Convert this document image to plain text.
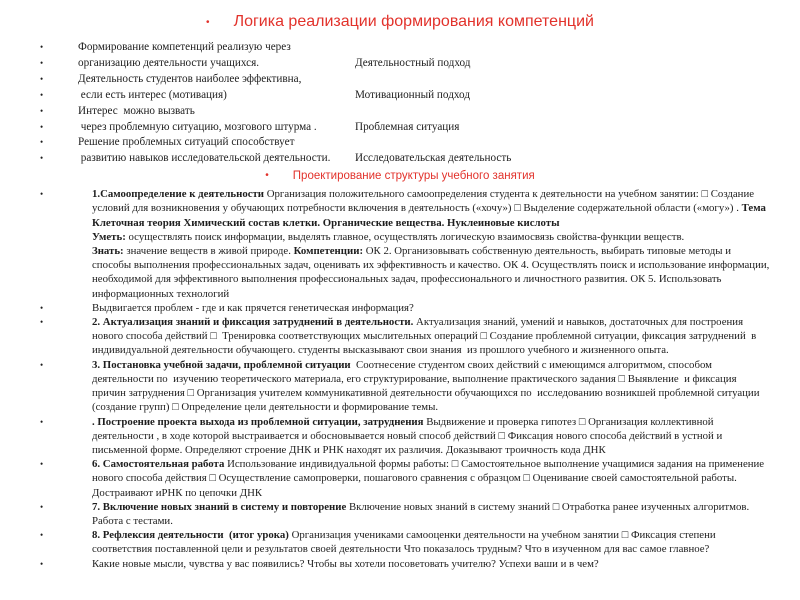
• Логика реализации формирования компетенций
•	Формирование компетенций реализую через
•	организацию деятельности учащихся.	Деятельностный подход
•	Деятельность студентов наиболее эффективна,
•	если есть интерес (мотивация)	Мотивационный подход
•	Интерес  можно вызвать
•	через проблемную ситуацию, мозгового штурма .	Проблемная ситуация
•	Решение проблемных ситуаций способствует
•	развитию навыков исследовательской деятельности.	Исследовательская деятельность
• Проектирование структуры учебного занятия
•	1.Самоопределение к деятельности Организация положительного самоопределения студента к деятельности на учебном занятии: □ Создание условий для возникновения у обучающих потребности включения в деятельность («хочу») □ Выделение содержательной области («могу») . Тема  Клеточная теория Химический состав клетки. Органические вещества. Нуклеиновые кислоты
Уметь: осуществлять поиск информации, выделять главное, осуществлять логическую взаимосвязь свойства-функции веществ.
Знать: значение веществ в живой природе. Компетенции: ОК 2. Организовывать собственную деятельность, выбирать типовые методы и способы выполнения профессиональных задач, оценивать их эффективность и качество. ОК 4. Осуществлять поиск и использование информации, необходимой для эффективного выполнения профессиональных задач, профессионального и личностного развития. ОК 5. Использовать информационных технологий
•	Выдвигается проблем - где и как прячется генетическая информация?
•	2. Актуализация знаний и фиксация затруднений в деятельности. Актуализация знаний, умений и навыков, достаточных для построения нового способа действий □  Тренировка соответствующих мыслительных операций □ Создание проблемной ситуации, фиксация затруднений  в индивидуальной деятельности обучающего. студенты высказывают свои знания  из прошлого учебного и жизненного опыта.
•	3. Постановка учебной задачи, проблемной ситуации  Соотнесение студентом своих действий с имеющимся алгоритмом, способом деятельности по  изучению теоретического материала, его структурирование, выполнение практического задания □ Выявление  и фиксация причин затруднения □ Организация учителем коммуникативной деятельности обучающихся по  исследованию возникшей проблемной ситуации (создание групп) □ Определение цели деятельности и формирование темы.
•	. Построение проекта выхода из проблемной ситуации, затруднения Выдвижение и проверка гипотез □ Организация коллективной деятельности , в ходе которой выстраивается и обосновывается новый способ действий □ Фиксация нового способа действий в устной и письменной форме. Определяют строение ДНК и РНК находят их различия. Доказывают троичность кода ДНК
•	6. Самостоятельная работа Использование индивидуальной формы работы: □ Самостоятельное выполнение учащимися задания на применение нового способа действия □ Осуществление самопроверки, пошагового сравнения с образцом □ Оценивание своей самостоятельной работы. Достраивают иРНК по цепочки ДНК
•	7. Включение новых знаний в систему и повторение Включение новых знаний в систему знаний □ Отработка ранее изученных алгоритмов. Работа с тестами.
•	8. Рефлексия деятельности  (итог урока) Организация учениками самооценки деятельности на учебном занятии □ Фиксация степени соответствия поставленной цели и результатов своей деятельности Что показалось трудным? Что в изученном для вас самое главное?
•	Какие новые мысли, чувства у вас появились? Чтобы вы хотели посоветовать учителю? Успехи ваши и в чем?
